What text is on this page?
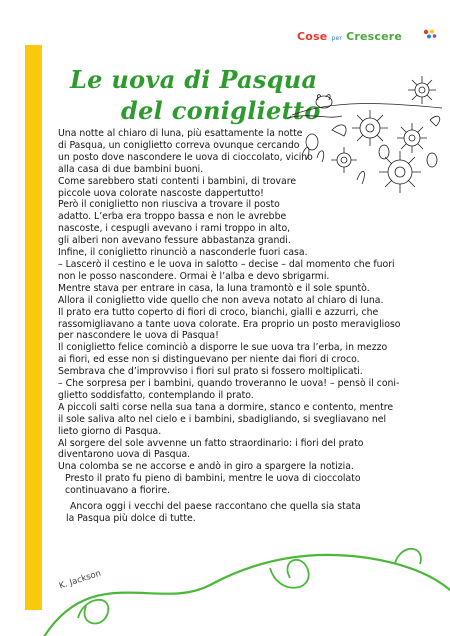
Cose per Crescere
Le uova di Pasqua
del coniglietto

Una notte al chiaro di luna, più esattamente la notte

di Pasqua, un coniglietto correva ovunque cercando

un posto dove nascondere le uova di cioccolato, vicino

alla casa di due bambini buoni.

Come sarebbero stati contenti i bambini, di trovare

piccole uova colorate nascoste dappertutto!

Però il coniglietto non riusciva a trovare il posto

adatto. L’erba era troppo bassa e non le avrebbe

nascoste, i cespugli avevano i rami troppo in alto,

gli alberi non avevano fessure abbastanza grandi.

Infine, il coniglietto rinunciò a nasconderle fuori casa.

– Lascerò il cestino e le uova in salotto – decise – dal momento che fuori

non le posso nascondere. Ormai è l’alba e devo sbrigarmi.

Mentre stava per entrare in casa, la luna tramontò e il sole spuntò.

Allora il coniglietto vide quello che non aveva notato al chiaro di luna.

Il prato era tutto coperto di fiori di croco, bianchi, gialli e azzurri, che

rassomigliavano a tante uova colorate. Era proprio un posto meraviglioso

per nascondere le uova di Pasqua!

Il coniglietto felice cominciò a disporre le sue uova tra l’erba, in mezzo

ai fiori, ed esse non si distinguevano per niente dai fiori di croco.

Sembrava che d’improvviso i fiori sul prato si fossero moltiplicati.

– Che sorpresa per i bambini, quando troveranno le uova! – pensò il coni-

glietto soddisfatto, contemplando il prato.

A piccoli salti corse nella sua tana a dormire, stanco e contento, mentre

il sole saliva alto nel cielo e i bambini, sbadigliando, si svegliavano nel

lieto giorno di Pasqua.

Al sorgere del sole avvenne un fatto straordinario: i fiori del prato

diventarono uova di Pasqua.

Una colomba se ne accorse e andò in giro a spargere la notizia.

Presto il prato fu pieno di bambini, mentre le uova di cioccolato

continuavano a fiorire.

Ancora oggi i vecchi del paese raccontano che quella sia stata

la Pasqua più dolce di tutte.

K. Jackson
